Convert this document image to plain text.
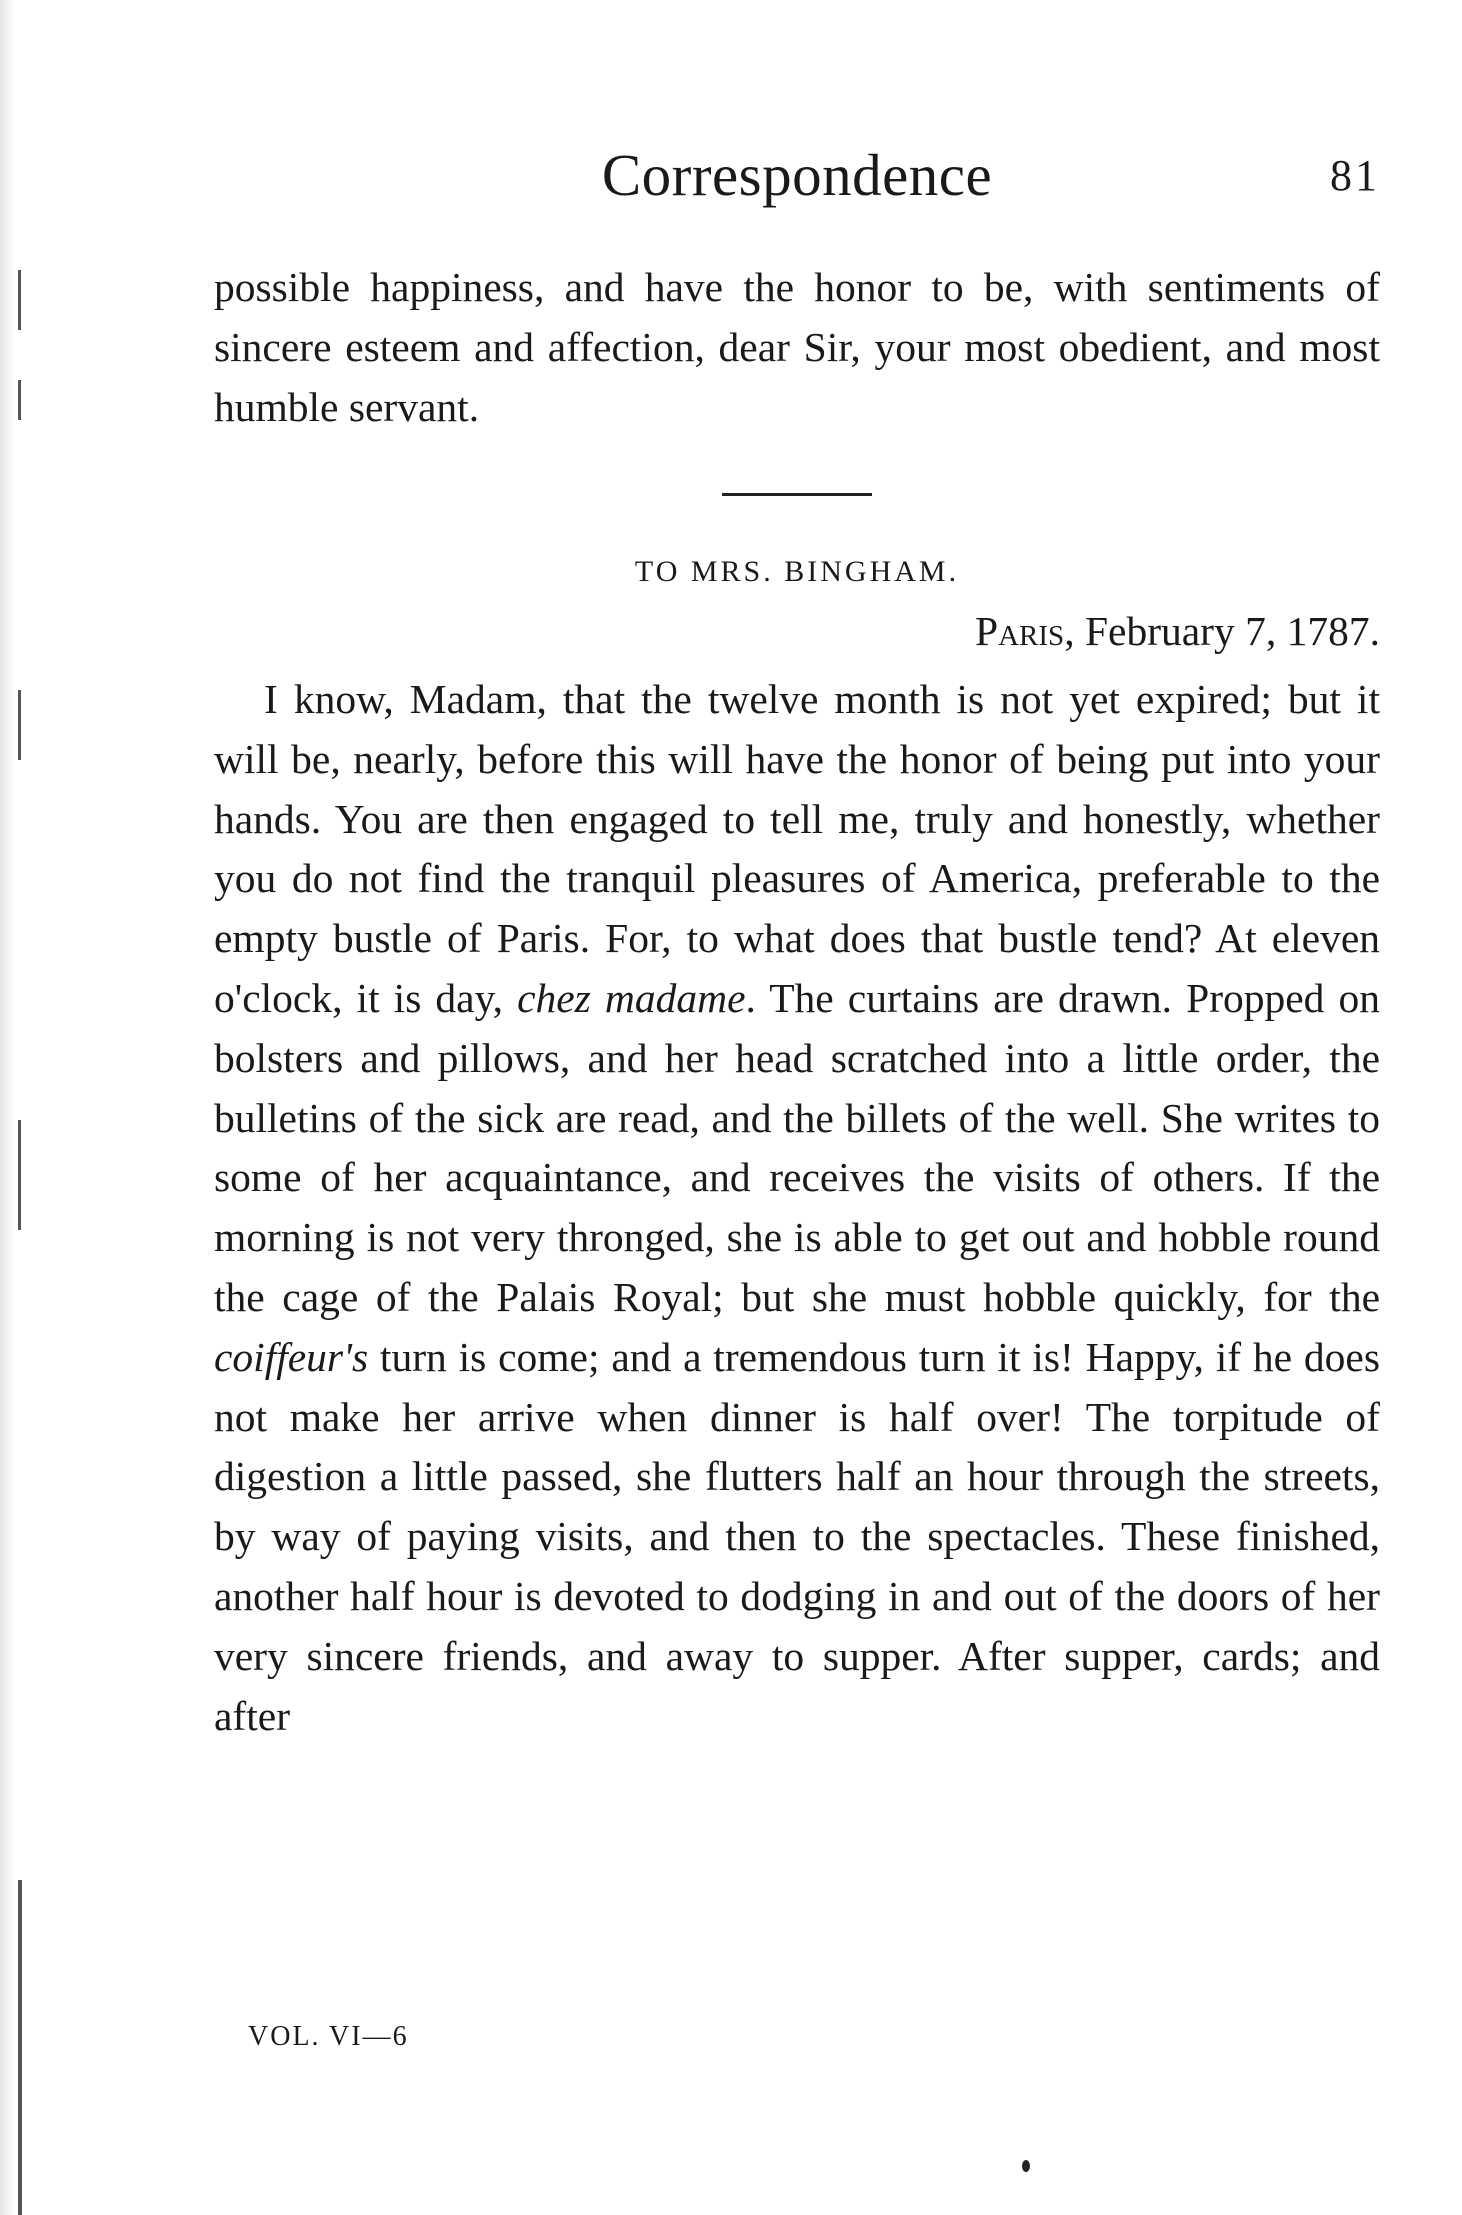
Correspondence	81

possible happiness, and have the honor to be, with sentiments of sincere esteem and affection, dear Sir, your most obedient, and most humble servant.

TO MRS. BINGHAM.
Paris, February 7, 1787.

I know, Madam, that the twelve month is not yet expired; but it will be, nearly, before this will have the honor of being put into your hands. You are then engaged to tell me, truly and honestly, whether you do not find the tranquil pleasures of America, preferable to the empty bustle of Paris. For, to what does that bustle tend? At eleven o'clock, it is day, chez madame. The curtains are drawn. Propped on bolsters and pillows, and her head scratched into a little order, the bulletins of the sick are read, and the billets of the well. She writes to some of her acquaintance, and receives the visits of others. If the morning is not very thronged, she is able to get out and hobble round the cage of the Palais Royal; but she must hobble quickly, for the coiffeur's turn is come; and a tremendous turn it is! Happy, if he does not make her arrive when dinner is half over! The torpitude of digestion a little passed, she flutters half an hour through the streets, by way of paying visits, and then to the spectacles. These finished, another half hour is devoted to dodging in and out of the doors of her very sincere friends, and away to supper. After supper, cards; and after

VOL. VI—6
